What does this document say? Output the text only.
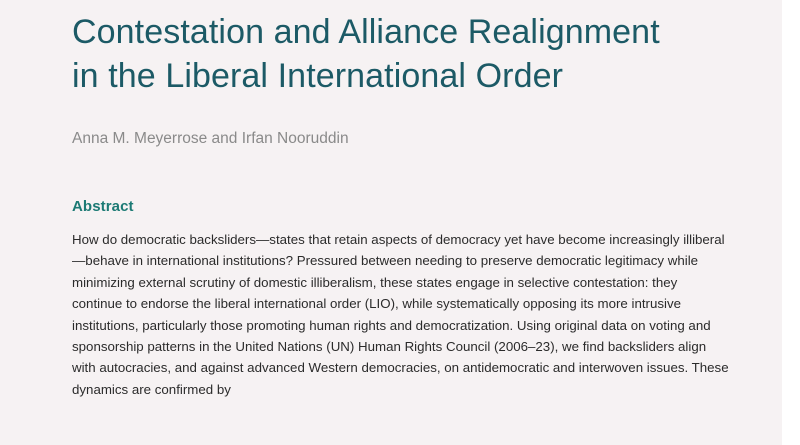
Contestation and Alliance Realignment in the Liberal International Order
Anna M. Meyerrose and Irfan Nooruddin
Abstract
How do democratic backsliders—states that retain aspects of democracy yet have become increasingly illiberal—behave in international institutions? Pressured between needing to preserve democratic legitimacy while minimizing external scrutiny of domestic illiberalism, these states engage in selective contestation: they continue to endorse the liberal international order (LIO), while systematically opposing its more intrusive institutions, particularly those promoting human rights and democratization. Using original data on voting and sponsorship patterns in the United Nations (UN) Human Rights Council (2006–23), we find backsliders align with autocracies, and against advanced Western democracies, on antidemocratic and interwoven issues. These dynamics are confirmed by
